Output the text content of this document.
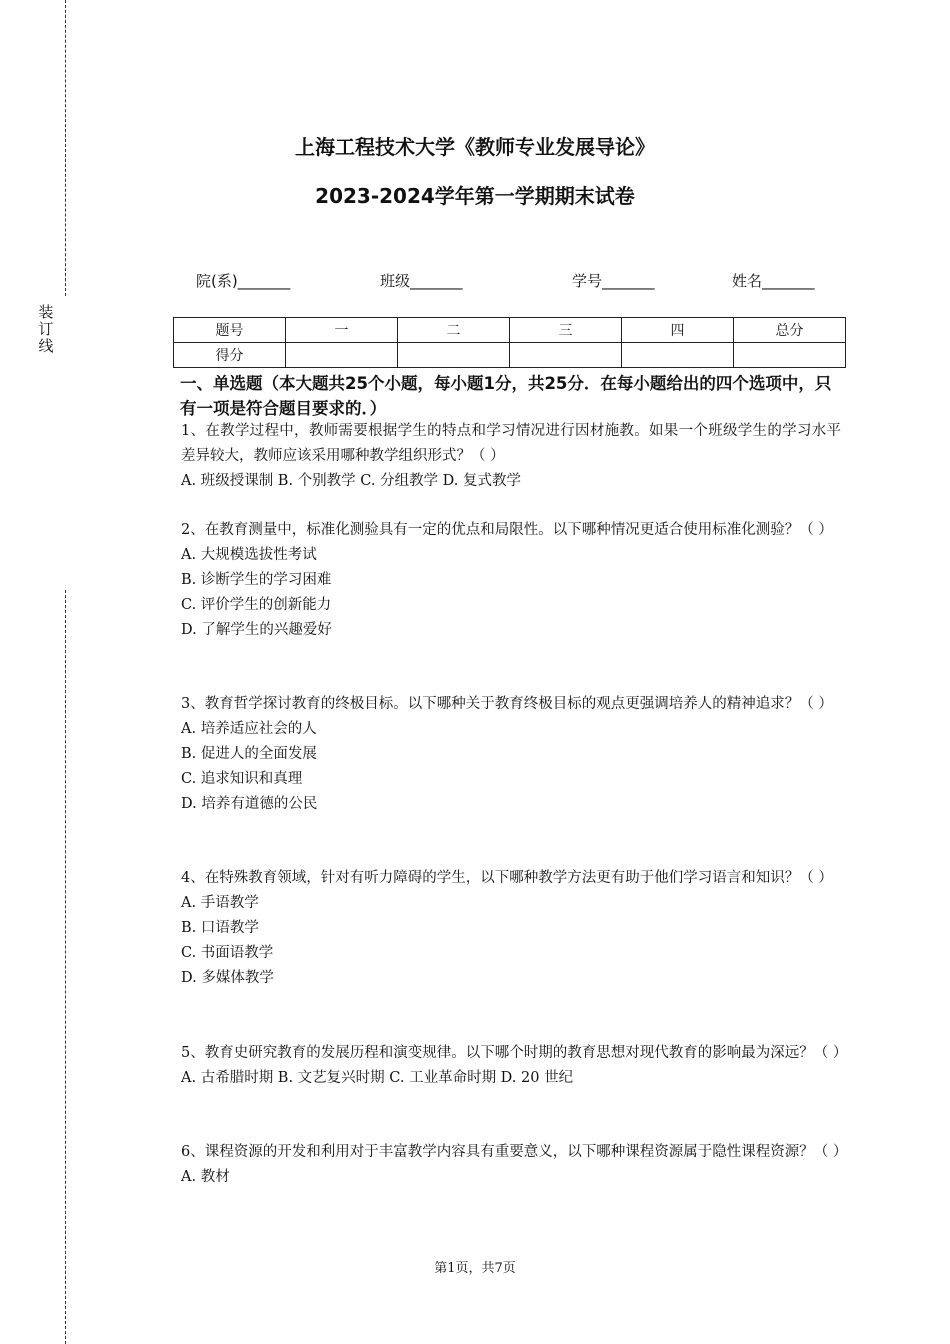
装
订
线
上海工程技术大学《教师专业发展导论》
2023-2024学年第一学期期末试卷
院(系)_______	班级_______	学号_______	姓名_______
题号	一	二	三	四	总分
得分					
一、单选题（本大题共25个小题，每小题1分，共25分．在每小题给出的四个选项中，只有一项是符合题目要求的．）
1、在教学过程中，教师需要根据学生的特点和学习情况进行因材施教。如果一个班级学生的学习水平差异较大，教师应该采用哪种教学组织形式？（ ）
A. 班级授课制 B. 个别教学 C. 分组教学 D. 复式教学
2、在教育测量中，标准化测验具有一定的优点和局限性。以下哪种情况更适合使用标准化测验？（ ）
A. 大规模选拔性考试
B. 诊断学生的学习困难
C. 评价学生的创新能力
D. 了解学生的兴趣爱好
3、教育哲学探讨教育的终极目标。以下哪种关于教育终极目标的观点更强调培养人的精神追求？（ ）
A. 培养适应社会的人
B. 促进人的全面发展
C. 追求知识和真理
D. 培养有道德的公民
4、在特殊教育领域，针对有听力障碍的学生，以下哪种教学方法更有助于他们学习语言和知识？（ ）
A. 手语教学
B. 口语教学
C. 书面语教学
D. 多媒体教学
5、教育史研究教育的发展历程和演变规律。以下哪个时期的教育思想对现代教育的影响最为深远？（ ）
A. 古希腊时期 B. 文艺复兴时期 C. 工业革命时期 D. 20 世纪
6、课程资源的开发和利用对于丰富教学内容具有重要意义，以下哪种课程资源属于隐性课程资源？（ ）
A. 教材
第1页，共7页
